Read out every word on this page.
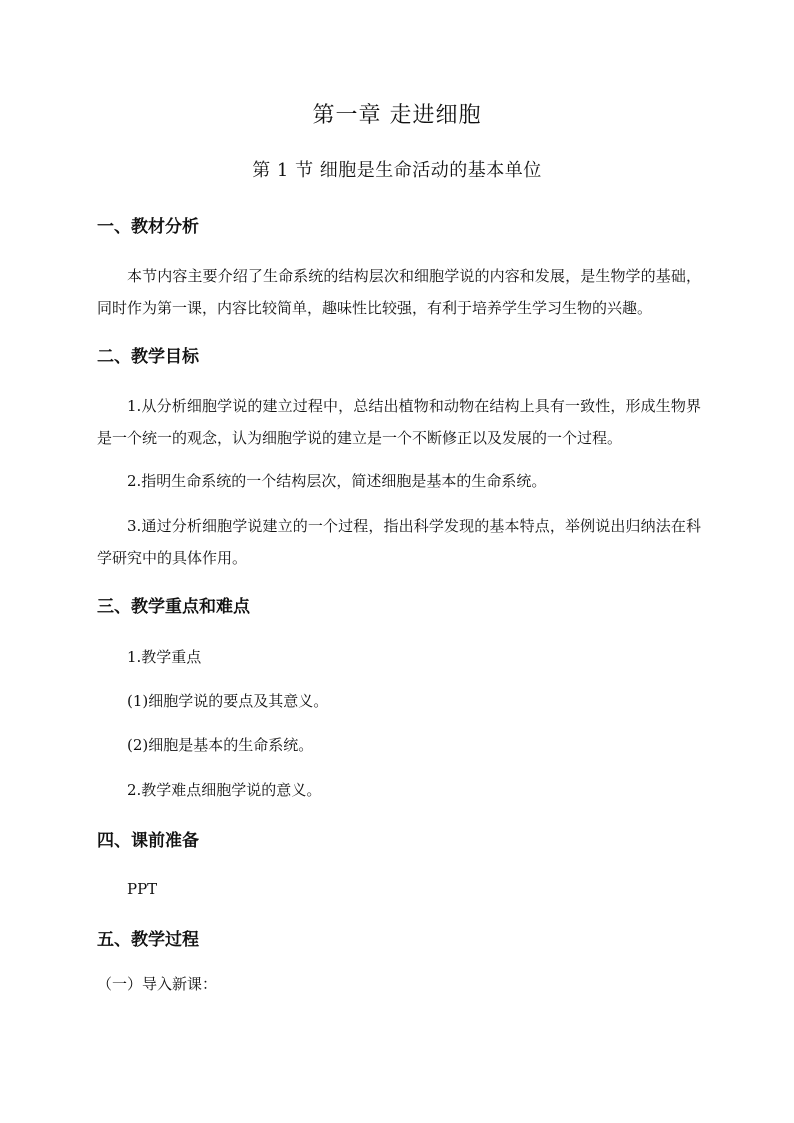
第一章 走进细胞
第 1 节 细胞是生命活动的基本单位
一、教材分析

本节内容主要介绍了生命系统的结构层次和细胞学说的内容和发展，是生物学的基础，同时作为第一课，内容比较简单，趣味性比较强，有利于培养学生学习生物的兴趣。

二、教学目标

1.从分析细胞学说的建立过程中，总结出植物和动物在结构上具有一致性，形成生物界是一个统一的观念，认为细胞学说的建立是一个不断修正以及发展的一个过程。

2.指明生命系统的一个结构层次，简述细胞是基本的生命系统。

3.通过分析细胞学说建立的一个过程，指出科学发现的基本特点，举例说出归纳法在科学研究中的具体作用。

三、教学重点和难点
1.教学重点
(1)细胞学说的要点及其意义。
(2)细胞是基本的生命系统。
2.教学难点细胞学说的意义。
四、课前准备
PPT
五、教学过程
（一）导入新课：
